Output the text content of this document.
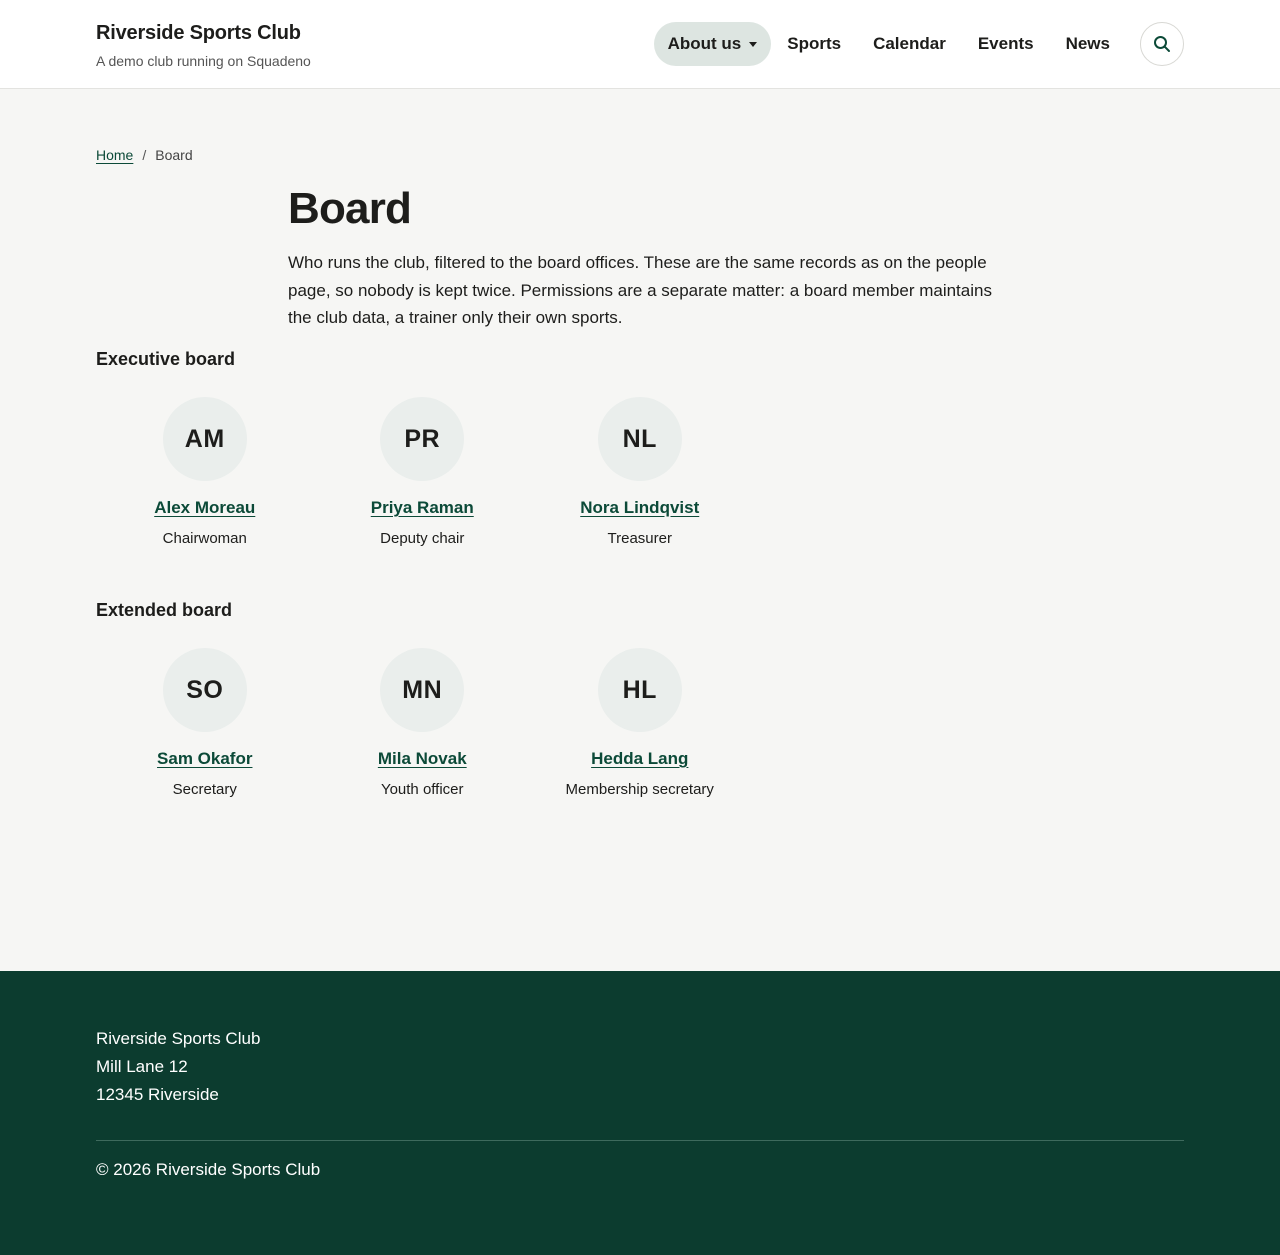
Riverside Sports Club
A demo club running on Squadeno
About us	Sports Calendar Events News
Home / Board
Board

Who runs the club, filtered to the board offices. These are the same records as on the people page, so nobody is kept twice. Permissions are a separate matter: a board member maintains the club data, a trainer only their own sports.

Executive board
AM
Alex Moreau
Chairwoman
PR
Priya Raman
Deputy chair
NL
Nora Lindqvist
Treasurer
Extended board
SO
Sam Okafor
Secretary
MN
Mila Novak
Youth officer
HL
Hedda Lang
Membership secretary
Riverside Sports Club
Mill Lane 12
12345 Riverside
© 2026 Riverside Sports Club
